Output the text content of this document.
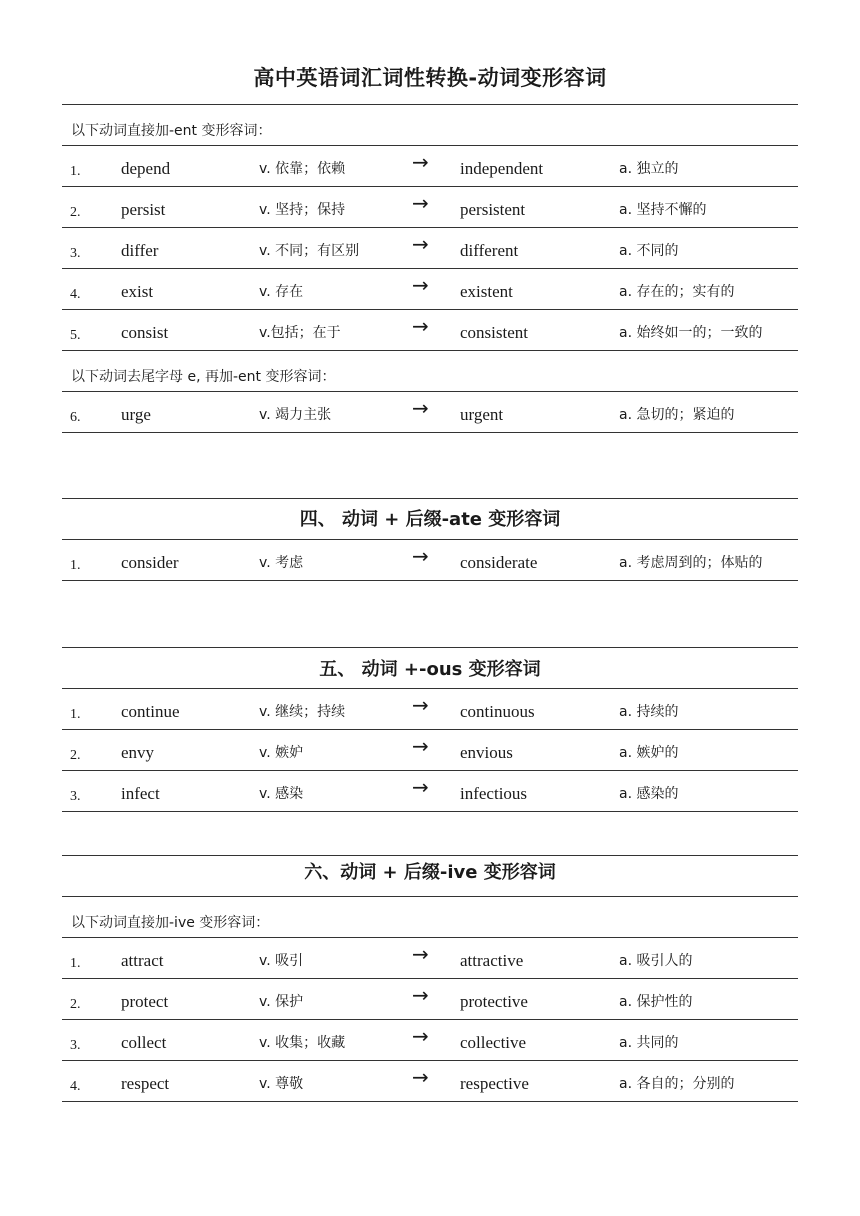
高中英语词汇词性转换-动词变形容词
以下动词直接加-ent 变形容词：
1. depend	v. 依靠；依赖	→ independent	a. 独立的
2. persist	v. 坚持；保持	→ persistent	a. 坚持不懈的
3. differ	v. 不同；有区别	→ different	a. 不同的
4. exist	v. 存在	→ existent	a. 存在的；实有的
5. consist	v.包括；在于	→ consistent	a. 始终如一的；一致的
以下动词去尾字母 e, 再加-ent 变形容词：
6. urge	v. 竭力主张	→ urgent	a. 急切的；紧迫的
四、 动词 + 后缀-ate 变形容词
1. consider	v. 考虑	→ considerate	a. 考虑周到的；体贴的
五、 动词 +-ous 变形容词
1. continue	v. 继续；持续	→ continuous	a. 持续的
2. envy	v. 嫉妒	→ envious	a. 嫉妒的
3. infect	v. 感染	→ infectious	a. 感染的
六、动词 + 后缀-ive 变形容词
以下动词直接加-ive 变形容词：
1. attract	v. 吸引	→ attractive	a. 吸引人的
2. protect	v. 保护	→ protective	a. 保护性的
3. collect	v. 收集；收藏	→ collective	a. 共同的
4. respect	v. 尊敬	→ respective	a. 各自的；分别的
